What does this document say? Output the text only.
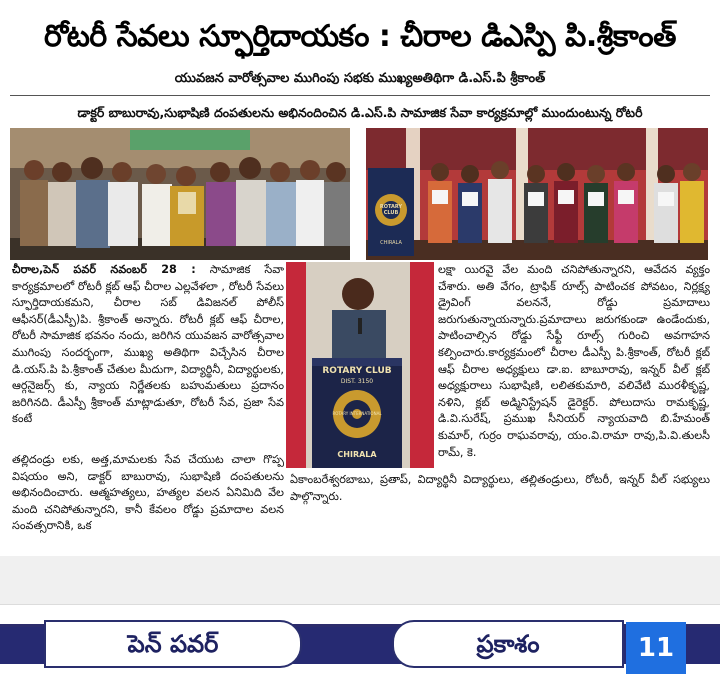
రోటరీ సేవలు స్ఫూర్తిదాయకం : చీరాల డిఎస్పి పి.శ్రీకాంత్
యువజన వారోత్సవాల ముగింపు సభకు ముఖ్యఅతిథిగా డి.ఎస్.పి శ్రీకాంత్
డాక్టర్ బాబురావు,సుభాషిణి దంపతులను అభినందించిన డి.ఎస్.పి సామాజిక సేవా కార్యక్రమాల్లో ముందుంటున్న రోటరీ
ROTARY CLUB
CHIRALA

చీరాల,పెన్ పవర్ నవంబర్ 28 : సామాజిక సేవా కార్యక్రమాలలో రోటరీ క్లబ్ ఆఫ్ చీరాల ఎల్లవేళలా , రోటరీ సేవలు స్ఫూర్తిదాయకమని, చీరాల సబ్ డివిజనల్ పోలీస్ ఆఫీసర్(డీఎస్పీ)పి. శ్రీకాంత్ అన్నారు. రోటరీ క్లబ్ ఆఫ్ చీరాల, రోటరీ సామాజిక భవనం నందు, జరిగిన యువజన వారోత్సవాల ముగింపు సందర్భంగా, ముఖ్య అతిథిగా విచ్చేసిన చీరాల డి.యస్.పి పి.శ్రీకాంత్ చేతుల మీదుగా, విద్యార్థినీ, విద్యార్థులకు, ఆర్గనైజర్స్ కు, న్యాయ నిర్ణేతలకు బహుమతులు ప్రదానం జరిగినది. డీఎస్పీ శ్రీకాంత్ మాట్లాడుతూ, రోటరీ సేవ, ప్రజా సేవ కంటే

తల్లిదండ్రు లకు, అత్త,మామలకు సేవ చేయుట చాలా గొప్ప విషయం అని, డాక్టర్ బాబురావు, సుభాషిణి దంపతులను అభినందించారు. ఆత్మహత్యలు, హత్యల వలన ఏనిమిది వేల మంది చనిపోతున్నారని, కానీ కేవలం రోడ్డు ప్రమాదాల వలన సంవత్సరానికి, ఒక

ROTARY CLUB
DIST. 3150
ROTARY INTERNATIONAL
CHIRALA

లక్షా యిరవై వేల మంది చనిపోతున్నారని, ఆవేదన వ్యక్తం చేశారు. అతి వేగం, ట్రాఫిక్ రూల్స్ పాటించక పోవటం, నిర్లక్ష్య డ్రైవింగ్ వలననే, రోడ్డు ప్రమాదాలు జరుగుతున్నాయన్నారు.ప్రమాదాలు జరుగకుండా ఉండేందుకు, పాటించాల్సిన రోడ్డు సేఫ్టీ రూల్స్ గురించి అవగాహన కల్పించారు.కార్యక్రమంలో చీరాల డీఎస్పీ పి.శ్రీకాంత్, రోటరీ క్లబ్ ఆఫ్ చీరాల అధ్యక్షులు డా.ఐ. బాబూరావు, ఇన్నర్ వీల్ క్లబ్ అధ్యక్షురాలు సుభాషిణి, లలితకుమారి, వలివేటి మురళీకృష్ణ, నళిని, క్లబ్ అడ్మినిస్ట్రేషన్ డైరెక్టర్. పోలుదాసు రామకృష్ణ, డి.వి.సురేష్, ప్రముఖ సీనియర్ న్యాయవాది బి.హేమంత్ కుమార్, గుర్రం రాఘవరావు, యం.వి.రామా రావు,పి.వి.తులసీ రామ్, కె.

ఏకాంబరేశ్వరబాబు, ప్రతాప్, విద్యార్థినీ విద్యార్థులు, తల్లితండ్రులు, రోటరీ, ఇన్నర్ వీల్ సభ్యులు పాల్గొన్నారు.

పెన్ పవర్	ప్రకాశం	11
